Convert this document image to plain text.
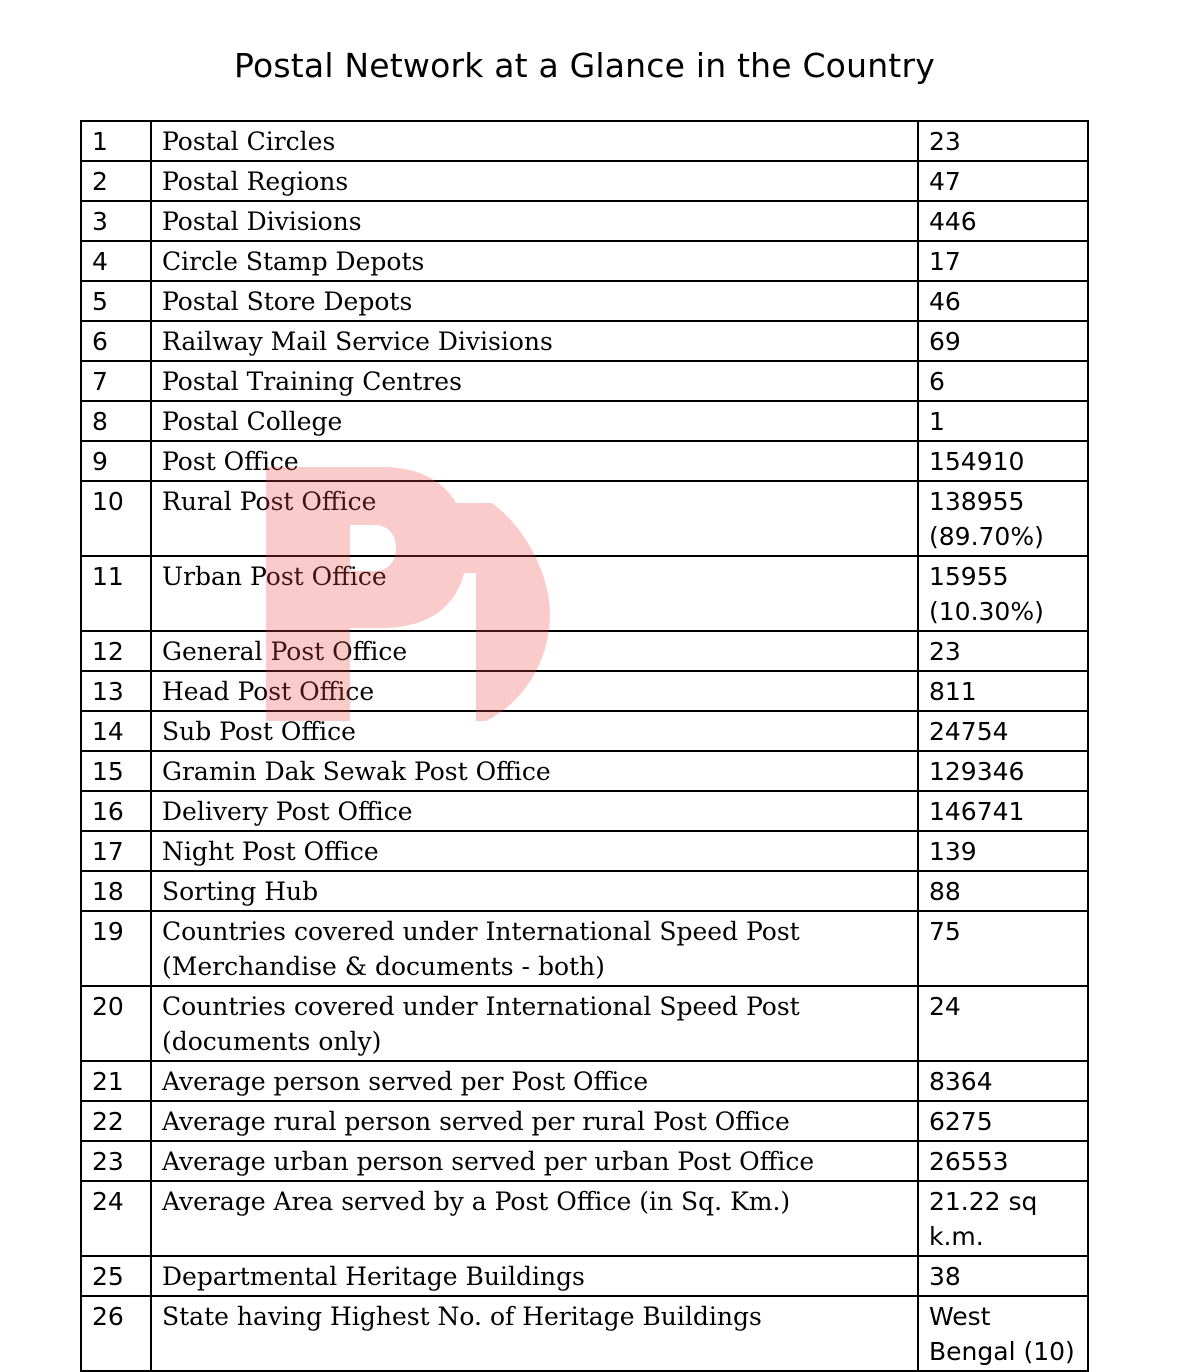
Postal Network at a Glance in the Country
1	Postal Circles	23
2	Postal Regions	47
3	Postal Divisions	446
4	Circle Stamp Depots	17
5	Postal Store Depots	46
6	Railway Mail Service Divisions	69
7	Postal Training Centres	6
8	Postal College	1
9	Post Office	154910
10	Rural Post Office	138955 (89.70%)
11	Urban Post Office	15955 (10.30%)
12	General Post Office	23
13	Head Post Office	811
14	Sub Post Office	24754
15	Gramin Dak Sewak Post Office	129346
16	Delivery Post Office	146741
17	Night Post Office	139
18	Sorting Hub	88
19	Countries covered under International Speed Post (Merchandise & documents - both)	75
20	Countries covered under International Speed Post (documents only)	24
21	Average person served per Post Office	8364
22	Average rural person served per rural Post Office	6275
23	Average urban person served per urban Post Office	26553
24	Average Area served by a Post Office (in Sq. Km.)	21.22 sq k.m.
25	Departmental Heritage Buildings	38
26	State having Highest No. of Heritage Buildings	West Bengal (10)
